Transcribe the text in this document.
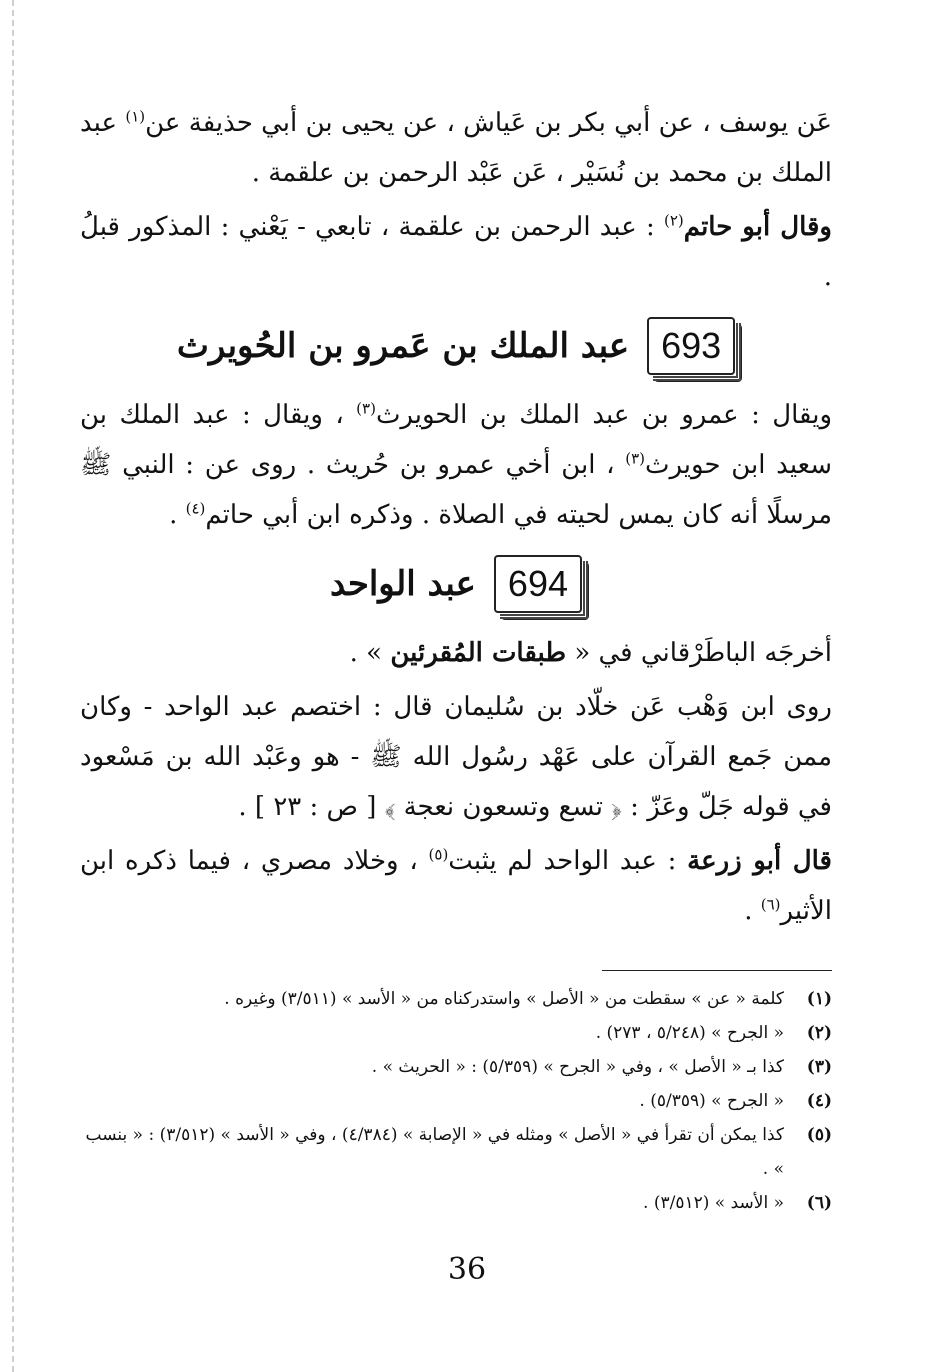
عَن يوسف ، عن أبي بكر بن عَياش ، عن يحيى بن أبي حذيفة عن$^{(١)}$ عبد الملك بن محمد بن نُسَيْر ، عَن عَبْد الرحمن بن علقمة .

وقال أبو حاتم$^{(٢)}$ : عبد الرحمن بن علقمة ، تابعي - يَعْني : المذكور قبلُ .

693
عبد الملك بن عَمرو بن الحُويرث

ويقال : عمرو بن عبد الملك بن الحويرث$^{(٣)}$ ، ويقال : عبد الملك بن سعيد ابن حويرث$^{(٣)}$ ، ابن أخي عمرو بن حُريث . روى عن : النبي ﷺ مرسلًا أنه كان يمس لحيته في الصلاة . وذكره ابن أبي حاتم$^{(٤)}$ .

694
عبد الواحد

أخرجَه الباطَرْقاني في « طبقات المُقرئين » .

روى ابن وَهْب عَن خلّاد بن سُليمان قال : اختصم عبد الواحد - وكان ممن جَمع القرآن على عَهْد رسُول الله ﷺ - هو وعَبْد الله بن مَسْعود في قوله جَلّ وعَزّ : ﴿ تسع وتسعون نعجة ﴾ [ ص : ٢٣ ] .

قال أبو زرعة : عبد الواحد لم يثبت$^{(٥)}$ ، وخلاد مصري ، فيما ذكره ابن الأثير$^{(٦)}$ .

(١)
كلمة « عن » سقطت من « الأصل » واستدركناه من « الأسد » (٣/٥١١) وغيره .
(٢)
« الجرح » (٥/٢٤٨ ، ٢٧٣) .
(٣)
كذا بـ « الأصل » ، وفي « الجرح » (٥/٣٥٩) : « الحريث » .
(٤)
« الجرح » (٥/٣٥٩) .
(٥)
كذا يمكن أن تقرأ في « الأصل » ومثله في « الإصابة » (٤/٣٨٤) ، وفي « الأسد » (٣/٥١٢) : « بنسب » .
(٦)
« الأسد » (٣/٥١٢) .
36
